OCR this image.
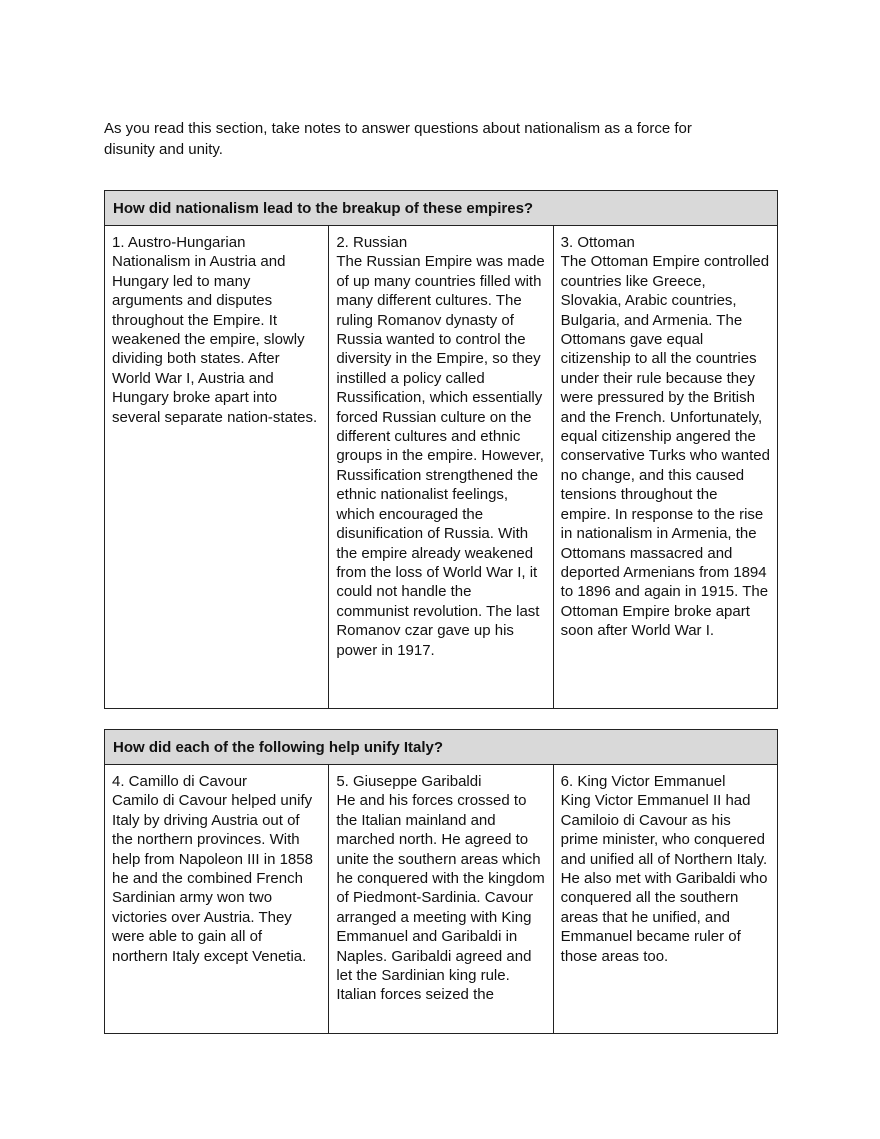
As you read this section, take notes to answer questions about nationalism as a force for disunity and unity.

How did nationalism lead to the breakup of these empires?

1. Austro-Hungarian
Nationalism in Austria and Hungary led to many arguments and disputes throughout the Empire. It weakened the empire, slowly dividing both states. After World War I, Austria and Hungary broke apart into several separate nation-states.

2. Russian
The Russian Empire was made of up many countries filled with many different cultures. The ruling Romanov dynasty of Russia wanted to control the diversity in the Empire, so they instilled a policy called Russification, which essentially forced Russian culture on the different cultures and ethnic groups in the empire. However, Russification strengthened the ethnic nationalist feelings, which encouraged the disunification of Russia. With the empire already weakened from the loss of World War I, it could not handle the communist revolution. The last Romanov czar gave up his power in 1917.

3. Ottoman
The Ottoman Empire controlled countries like Greece, Slovakia, Arabic countries, Bulgaria, and Armenia. The Ottomans gave equal citizenship to all the countries under their rule because they were pressured by the British and the French. Unfortunately, equal citizenship angered the conservative Turks who wanted no change, and this caused tensions throughout the empire. In response to the rise in nationalism in Armenia, the Ottomans massacred and deported Armenians from 1894 to 1896 and again in 1915. The Ottoman Empire broke apart soon after World War I.
How did each of the following help unify Italy?

4. Camillo di Cavour
Camilo di Cavour helped unify Italy by driving Austria out of the northern provinces. With help from Napoleon III in 1858 he and the combined French Sardinian army won two victories over Austria. They were able to gain all of northern Italy except Venetia.

5. Giuseppe Garibaldi
He and his forces crossed to the Italian mainland and marched north. He agreed to unite the southern areas which he conquered with the kingdom of Piedmont-Sardinia. Cavour arranged a meeting with King Emmanuel and Garibaldi in Naples. Garibaldi agreed and let the Sardinian king rule. Italian forces seized the

6. King Victor Emmanuel
King Victor Emmanuel II had Camiloio di Cavour as his prime minister, who conquered and unified all of Northern Italy. He also met with Garibaldi who conquered all the southern areas that he unified, and Emmanuel became ruler of those areas too.
